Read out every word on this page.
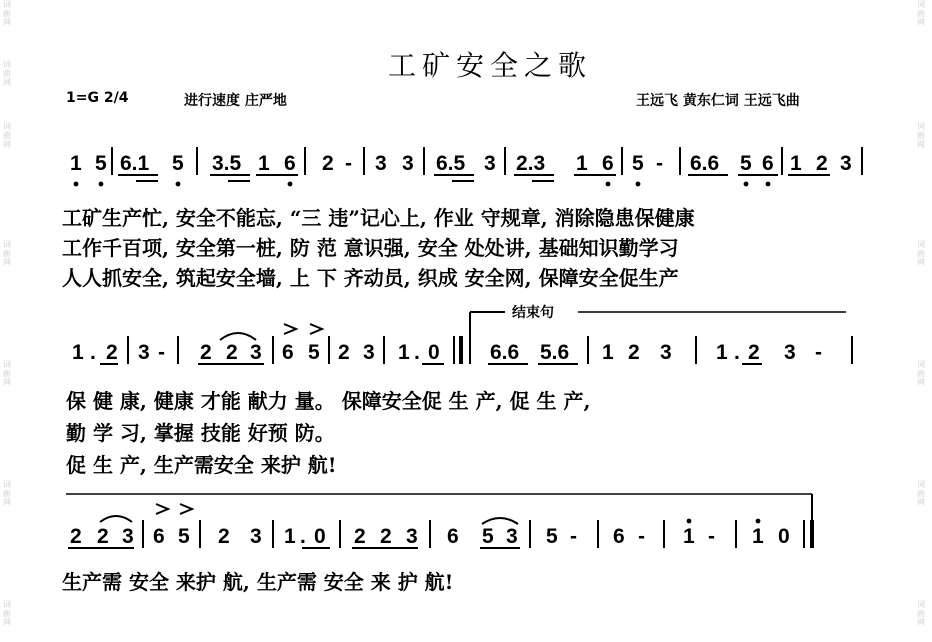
词曲网
词曲网
词曲网
词曲网
词曲网
词曲网
词曲网
词曲网
词曲网
词曲网
词曲网
词曲网
词曲网
工矿安全之歌
1=G 2/4	进行速度 庄严地	王远飞 黄东仁词 王远飞曲
工矿生产忙, 安全不能忘, “三 违”记心上, 作业 守规章, 消除隐患保健康
工作千百项, 安全第一桩, 防 范 意识强, 安全 处处讲, 基础知识勤学习
人人抓安全, 筑起安全墙, 上 下 齐动员, 织成 安全网, 保障安全促生产
保 健 康, 健康 才能 献力 量。 保障安全促 生 产, 促 生 产,
勤 学 习, 掌握 技能 好预 防。
促 生 产, 生产需安全 来护 航!
生产需 安全 来护 航, 生产需 安全 来 护 航!
结束句
1 5 6.1 5 3.5 1 6 2 - 3 3 6.5 3 2.3 1 6 5 - 6.6 5 6 1 2 3
1 . 2 3 - 2 2 3 6 5 2 3 1 . 0 6.6 5.6 1 2 3 1 . 2 3 -
2 2 3 6 5 2 3 1 . 0 2 2 3 6 5 3 5 - 6 - 1 - 1 0
